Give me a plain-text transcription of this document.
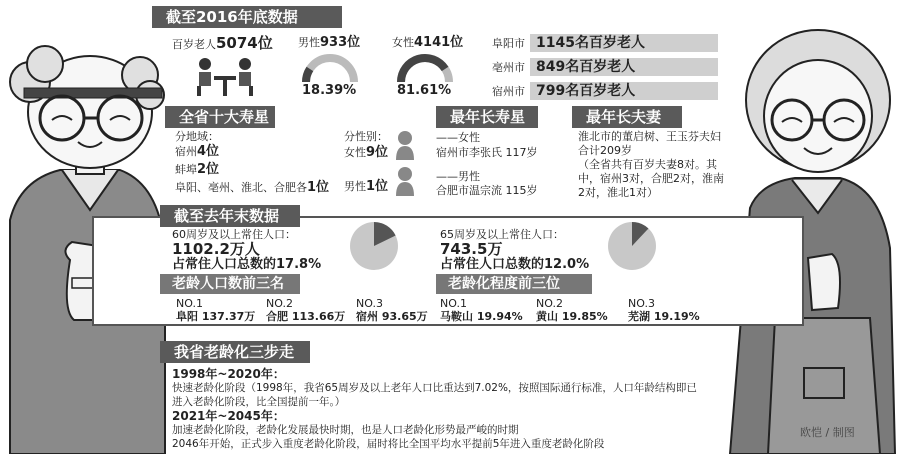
截至2016年底数据
百岁老人5074位 男性933位
18.39%
女性4141位
81.61%
阜阳市 1145名百岁老人
亳州市 849名百岁老人
宿州市 799名百岁老人
全省十大寿星
分地域：
宿州4位
蚌埠2位
阜阳、亳州、淮北、合肥各1位
分性别：
女性9位
男性1位
最年长寿星
——女性
宿州市李张氏 117岁
——男性
合肥市温宗流 115岁
最年长夫妻
淮北市的董启树、王玉芬夫妇
合计209岁
（全省共有百岁夫妻8对。其
中，宿州3对，合肥2对，淮南
2对，淮北1对）
截至去年末数据
60周岁及以上常住人口：
1102.2万人
占常住人口总数的17.8%
65周岁及以上常住人口：
743.5万
占常住人口总数的12.0%
老龄人口数前三名	老龄化程度前三位
NO.1
阜阳 137.37万
NO.2
合肥 113.66万
NO.3
宿州 93.65万
NO.1
马鞍山 19.94%
NO.2
黄山 19.85%
NO.3
芜湖 19.19%
我省老龄化三步走
1998年~2020年：
快速老龄化阶段（1998年，我省65周岁及以上老年人口比重达到7.02%，按照国际通行标准，人口年龄结构即已
进入老龄化阶段，比全国提前一年。）
2021年~2045年：
加速老龄化阶段，老龄化发展最快时期，也是人口老龄化形势最严峻的时期
2046年开始，正式步入重度老龄化阶段，届时将比全国平均水平提前5年进入重度老龄化阶段
欧恺 / 制图
